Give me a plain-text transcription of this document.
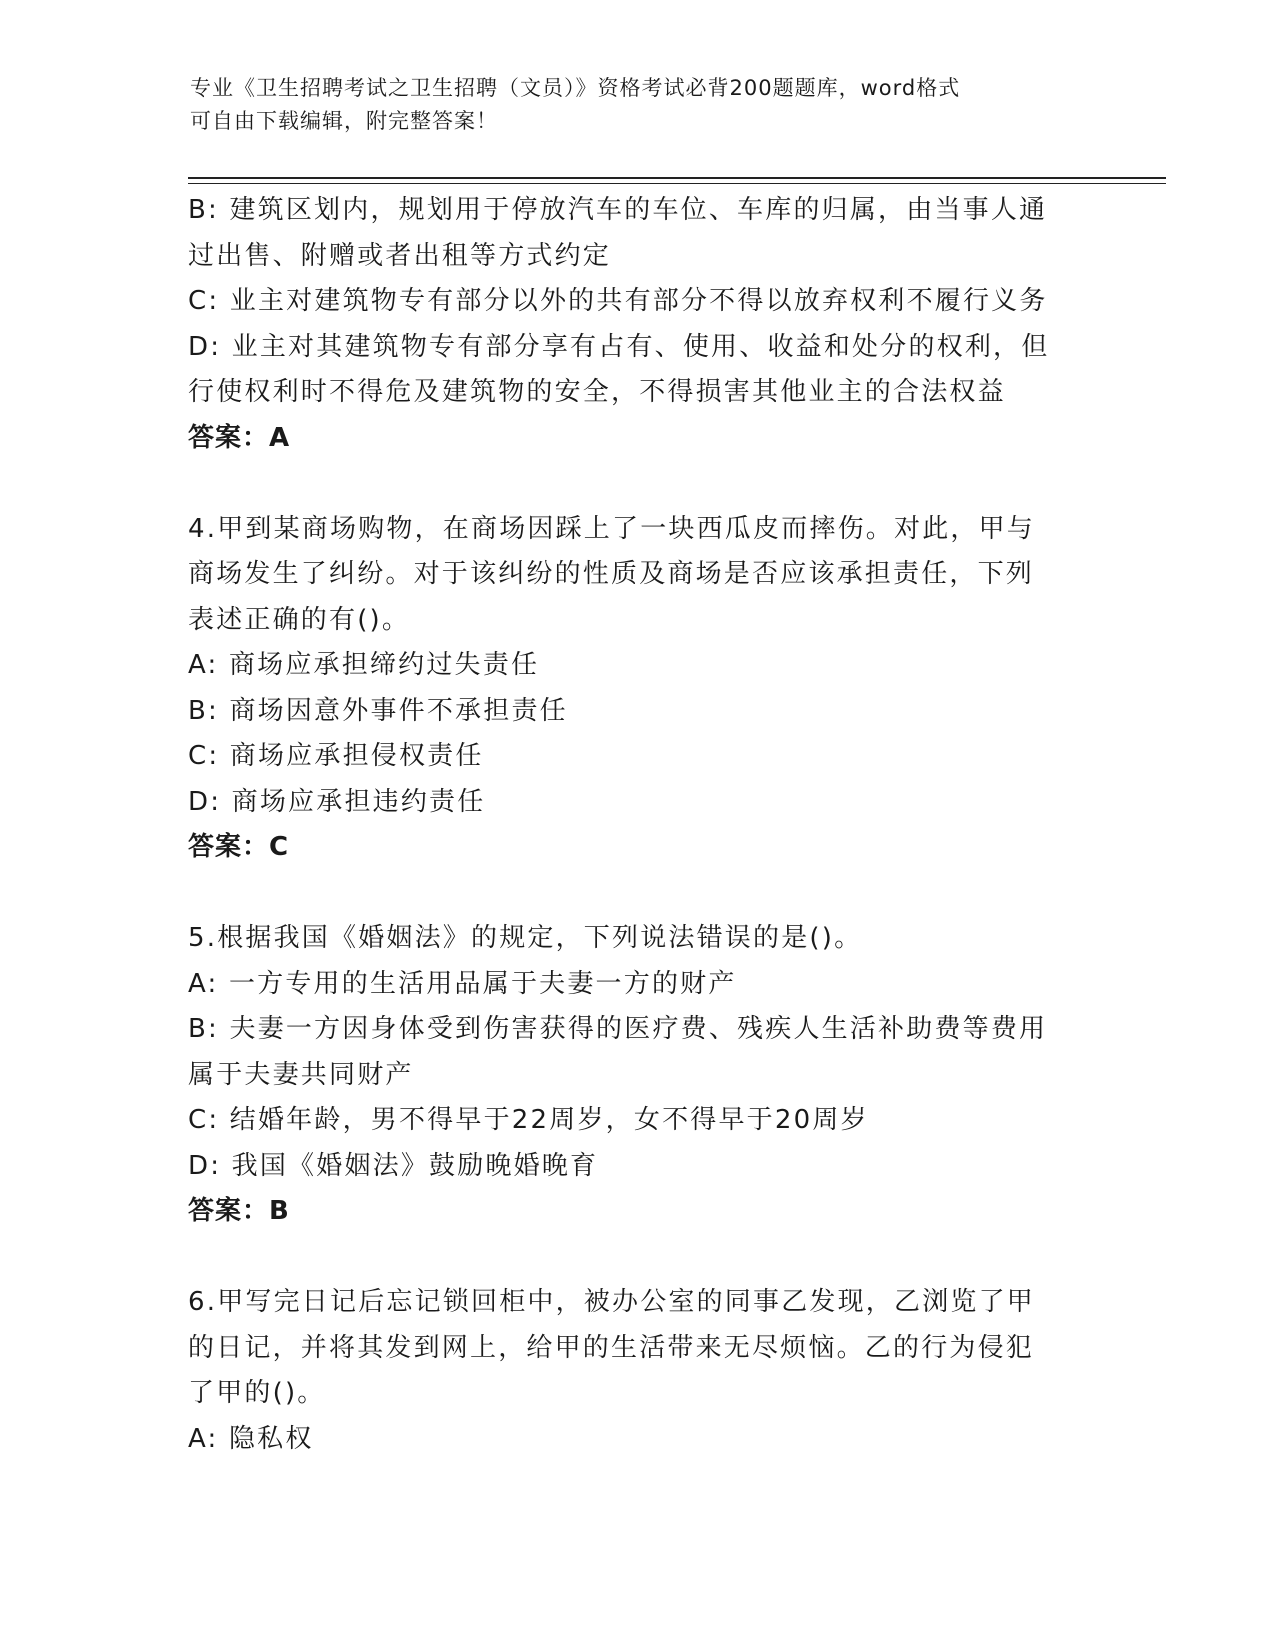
专业《卫生招聘考试之卫生招聘（文员）》资格考试必背200题题库，word格式
可自由下载编辑，附完整答案！
B: 建筑区划内，规划用于停放汽车的车位、车库的归属，由当事人通
过出售、附赠或者出租等方式约定
C: 业主对建筑物专有部分以外的共有部分不得以放弃权利不履行义务
D: 业主对其建筑物专有部分享有占有、使用、收益和处分的权利，但
行使权利时不得危及建筑物的安全，不得损害其他业主的合法权益
答案：A
4.甲到某商场购物，在商场因踩上了一块西瓜皮而摔伤。对此，甲与
商场发生了纠纷。对于该纠纷的性质及商场是否应该承担责任，下列
表述正确的有()。
A: 商场应承担缔约过失责任
B: 商场因意外事件不承担责任
C: 商场应承担侵权责任
D: 商场应承担违约责任
答案：C
5.根据我国《婚姻法》的规定，下列说法错误的是()。
A: 一方专用的生活用品属于夫妻一方的财产
B: 夫妻一方因身体受到伤害获得的医疗费、残疾人生活补助费等费用
属于夫妻共同财产
C: 结婚年龄，男不得早于22周岁，女不得早于20周岁
D: 我国《婚姻法》鼓励晚婚晚育
答案：B
6.甲写完日记后忘记锁回柜中，被办公室的同事乙发现，乙浏览了甲
的日记，并将其发到网上，给甲的生活带来无尽烦恼。乙的行为侵犯
了甲的()。
A: 隐私权
